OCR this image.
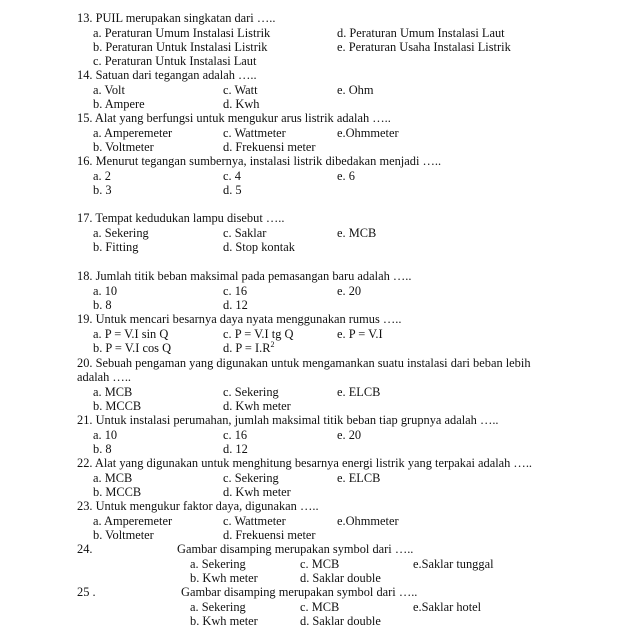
13. PUIL merupakan singkatan dari …..
a. Peraturan Umum Instalasi Listrik	d. Peraturan Umum Instalasi Laut
b. Peraturan Untuk Instalasi Listrik	e. Peraturan Usaha Instalasi Listrik
c. Peraturan Untuk Instalasi Laut
14. Satuan dari tegangan adalah …..
a. Volt	c. Watt	e. Ohm
b. Ampere	d. Kwh
15. Alat yang berfungsi untuk mengukur arus listrik adalah …..
a. Amperemeter	c. Wattmeter	e.Ohmmeter
b. Voltmeter	d. Frekuensi meter
16. Menurut tegangan sumbernya, instalasi listrik dibedakan menjadi …..
a. 2	c. 4	e. 6
b. 3	d. 5
17. Tempat kedudukan lampu disebut …..
a. Sekering	c. Saklar	e. MCB
b. Fitting	d. Stop kontak
18. Jumlah titik beban maksimal pada pemasangan baru adalah …..
a. 10	c. 16	e. 20
b. 8	d. 12
19. Untuk mencari besarnya daya nyata menggunakan rumus …..
a. P = V.I sin Q	c. P = V.I tg Q	e. P = V.I
b. P = V.I cos Q	d. $P = I.R^2$
20. Sebuah pengaman yang digunakan untuk mengamankan suatu instalasi dari beban lebih
adalah …..
a. MCB	c. Sekering	e. ELCB
b. MCCB	d. Kwh meter
21. Untuk instalasi perumahan, jumlah maksimal titik beban tiap grupnya adalah …..
a. 10	c. 16	e. 20
b. 8	d. 12
22. Alat yang digunakan untuk menghitung besarnya energi listrik yang terpakai adalah …..
a. MCB	c. Sekering	e. ELCB
b. MCCB	d. Kwh meter
23. Untuk mengukur faktor daya, digunakan …..
a. Amperemeter	c. Wattmeter	e.Ohmmeter
b. Voltmeter	d. Frekuensi meter
24.	Gambar disamping merupakan symbol dari …..
a. Sekering	c. MCB	e.Saklar tunggal
b. Kwh meter	d. Saklar double
25 .	Gambar disamping merupakan symbol dari …..
a. Sekering	c. MCB	e.Saklar hotel
b. Kwh meter	d. Saklar double
